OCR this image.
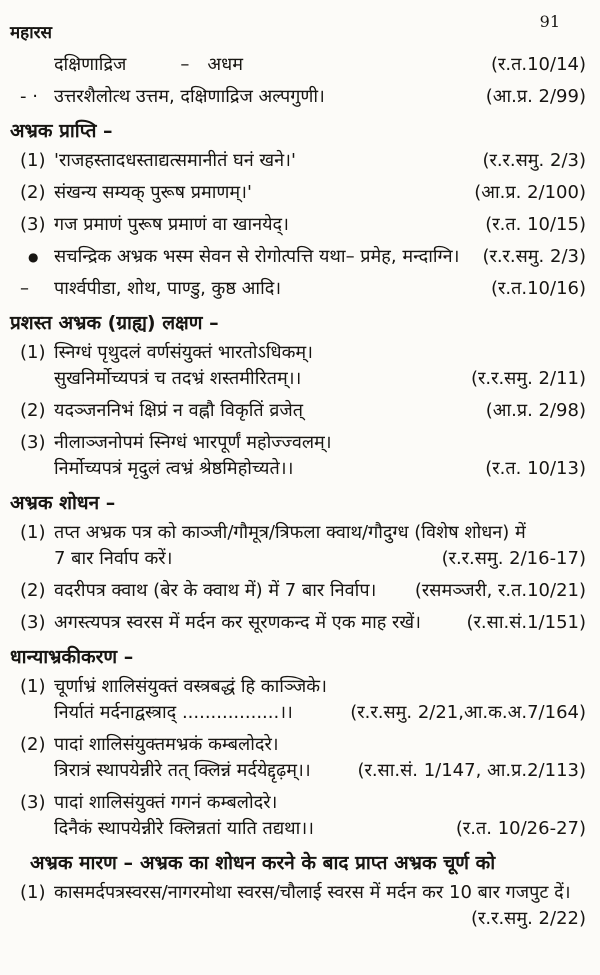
महारस
91
दक्षिणाद्रिज   – अधम	(र.त.10/14)
- · उत्तरशैलोत्थ उत्तम, दक्षिणाद्रिज अल्पगुणी।	(आ.प्र. 2/99)
अभ्रक प्राप्ति –
(1) 'राजहस्तादधस्ताद्यत्समानीतं घनं खने।'	(र.र.समु. 2/3)
(2) संखन्य सम्यक् पुरूष प्रमाणम्।'	(आ.प्र. 2/100)
(3) गज प्रमाणं पुरूष प्रमाणं वा खानयेद्।	(र.त. 10/15)
● सचन्द्रिक अभ्रक भस्म सेवन से रोगोत्पत्ति यथा– प्रमेह, मन्दाग्नि।	(र.र.समु. 2/3)
–	पार्श्वपीडा, शोथ, पाण्डु, कुष्ठ आदि।	(र.त.10/16)
प्रशस्त अभ्रक (ग्राह्य) लक्षण –
(1) स्निग्धं पृथुदलं वर्णसंयुक्तं भारतोऽधिकम्।
सुखनिर्मोच्यपत्रं च तदभ्रं शस्तमीरितम्।।	(र.र.समु. 2/11)
(2) यदञ्जननिभं क्षिप्रं न वह्नौ विकृतिं व्रजेत्	(आ.प्र. 2/98)
(3) नीलाञ्जनोपमं स्निग्धं भारपूर्णं महोज्ज्वलम्।
निर्मोच्यपत्रं मृदुलं त्वभ्रं श्रेष्ठमिहोच्यते।।	(र.त. 10/13)
अभ्रक शोधन –
(1) तप्त अभ्रक पत्र को काञ्जी/गौमूत्र/त्रिफला क्वाथ/गौदुग्ध (विशेष शोधन) में
7 बार निर्वाप करें।	(र.र.समु. 2/16-17)
(2) वदरीपत्र क्वाथ (बेर के क्वाथ में) में 7 बार निर्वाप।	(रसमञ्जरी, र.त.10/21)
(3) अगस्त्यपत्र स्वरस में मर्दन कर सूरणकन्द में एक माह रखें।	(र.सा.सं.1/151)
धान्याभ्रकीकरण –
(1) चूर्णाभ्रं शालिसंयुक्तं वस्त्रबद्धं हि काञ्जिके।
निर्यातं मर्दनाद्वस्त्राद् .................।।	(र.र.समु. 2/21,आ.क.अ.7/164)
(2) पादां शालिसंयुक्तमभ्रकं कम्बलोदरे।
त्रिरात्रं स्थापयेन्नीरे तत् क्लिन्नं मर्दयेद्दृढ़म्।।	(र.सा.सं. 1/147, आ.प्र.2/113)
(3) पादां शालिसंयुक्तं गगनं कम्बलोदरे।
दिनैकं स्थापयेन्नीरे क्लिन्नतां याति तद्यथा।।	(र.त. 10/26-27)
अभ्रक मारण – अभ्रक का शोधन करने के बाद प्राप्त अभ्रक चूर्ण को
(1) कासमर्दपत्रस्वरस/नागरमोथा स्वरस/चौलाई स्वरस में मर्दन कर 10 बार गजपुट दें।
(र.र.समु. 2/22)
